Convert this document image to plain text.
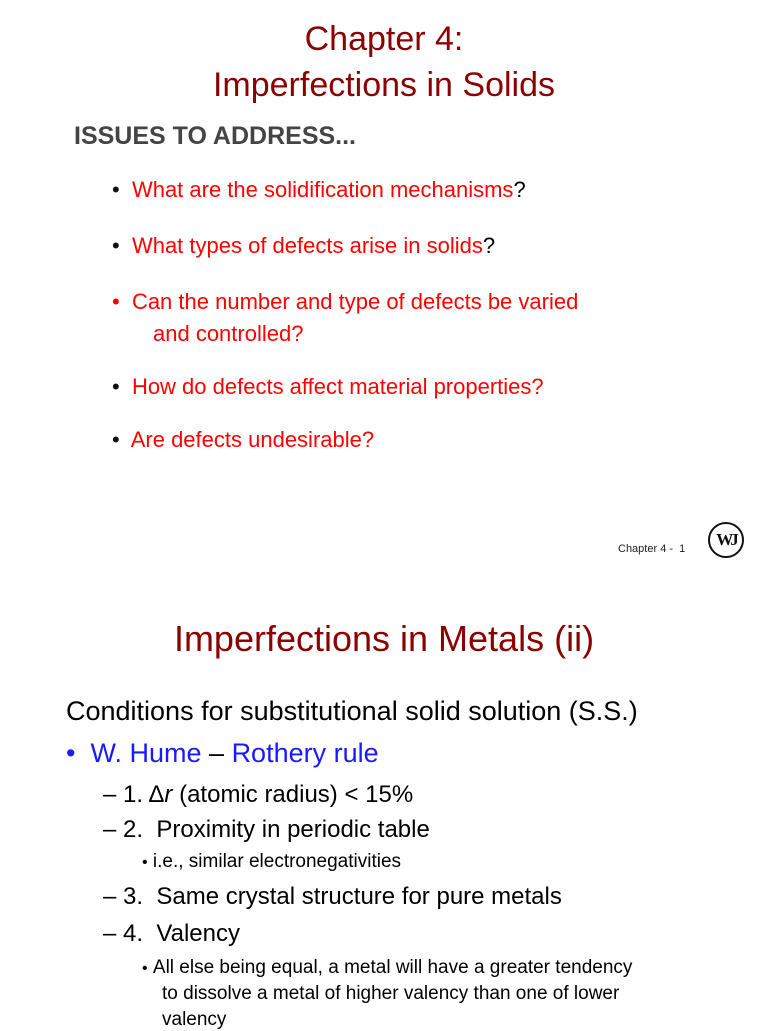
Chapter 4:
Imperfections in Solids
ISSUES TO ADDRESS...
• What are the solidification mechanisms?
• What types of defects arise in solids?
• Can the number and type of defects be varied
and controlled?
• How do defects affect material properties?
• Are defects undesirable?
Chapter 4 - 1 WJ
Imperfections in Metals (ii)
Conditions for substitutional solid solution (S.S.)
• W. Hume – Rothery rule
– 1. Δr (atomic radius) < 15%
– 2. Proximity in periodic table
• i.e., similar electronegativities
– 3. Same crystal structure for pure metals
– 4. Valency
• All else being equal, a metal will have a greater tendency
to dissolve a metal of higher valency than one of lower
valency
